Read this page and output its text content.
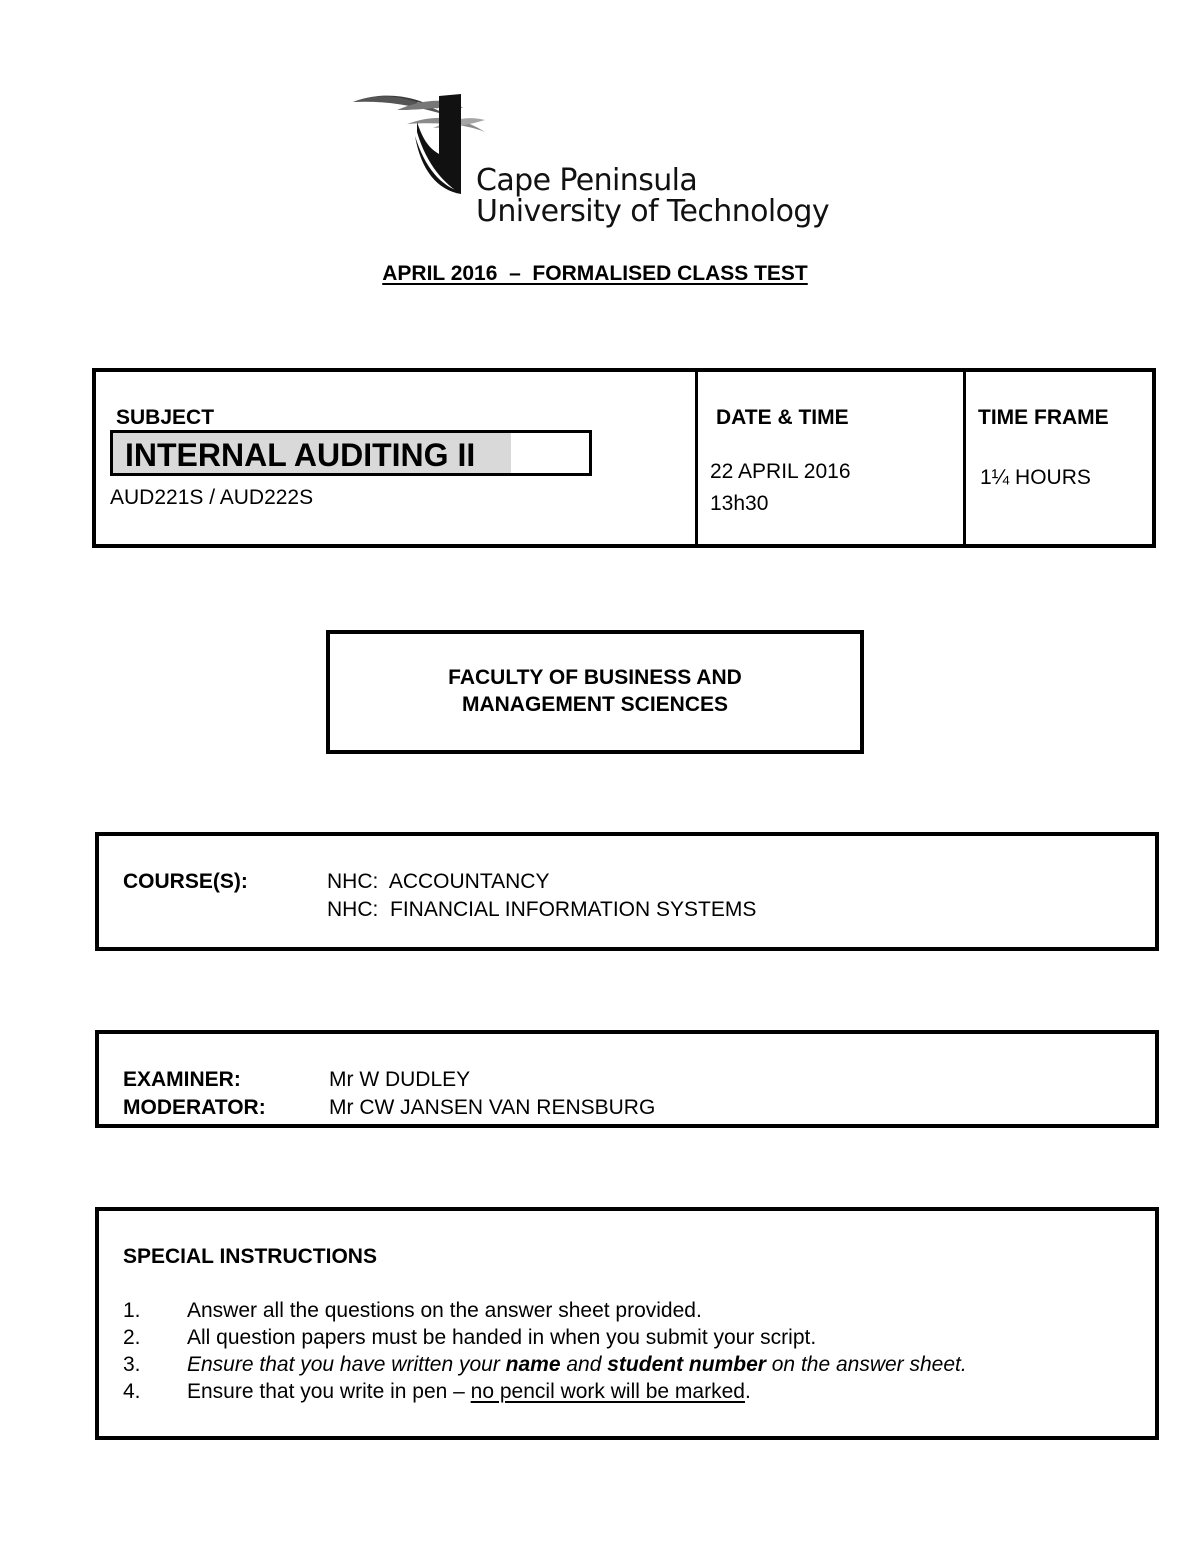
Cape Peninsula
University of Technology
APRIL 2016  –  FORMALISED CLASS TEST
SUBJECT
INTERNAL AUDITING II
AUD221S / AUD222S
DATE & TIME
22 APRIL 2016
13h30
TIME FRAME
1¼ HOURS
FACULTY OF BUSINESS AND
MANAGEMENT SCIENCES
COURSE(S):	NHC:  ACCOUNTANCY
NHC:  FINANCIAL INFORMATION SYSTEMS
EXAMINER:	Mr W DUDLEY
MODERATOR:	Mr CW JANSEN VAN RENSBURG
SPECIAL INSTRUCTIONS
1. Answer all the questions on the answer sheet provided.
2. All question papers must be handed in when you submit your script.
3. Ensure that you have written your name and student number on the answer sheet.
4. Ensure that you write in pen – no pencil work will be marked.
